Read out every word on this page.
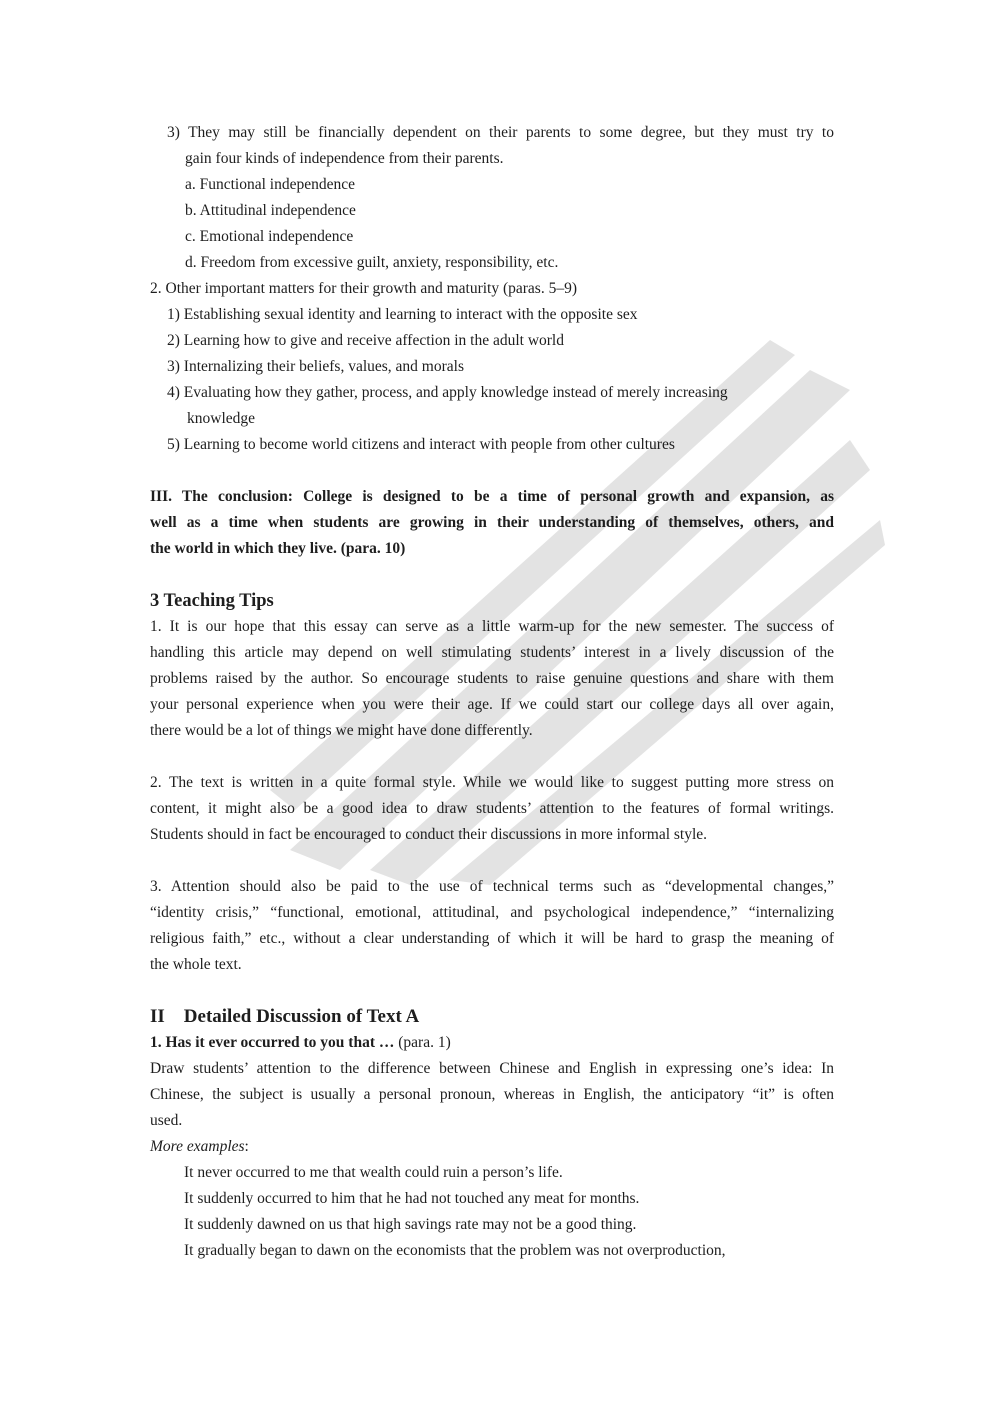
3) They may still be financially dependent on their parents to some degree, but they must try to
gain four kinds of independence from their parents.
a. Functional independence
b. Attitudinal independence
c. Emotional independence
d. Freedom from excessive guilt, anxiety, responsibility, etc.
2. Other important matters for their growth and maturity (paras. 5–9)
1) Establishing sexual identity and learning to interact with the opposite sex
2) Learning how to give and receive affection in the adult world
3) Internalizing their beliefs, values, and morals
4) Evaluating how they gather, process, and apply knowledge instead of merely increasing
knowledge
5) Learning to become world citizens and interact with people from other cultures
III. The conclusion: College is designed to be a time of personal growth and expansion, as
well as a time when students are growing in their understanding of themselves, others, and
the world in which they live. (para. 10)
3 Teaching Tips
1. It is our hope that this essay can serve as a little warm-up for the new semester. The success of
handling this article may depend on well stimulating students’ interest in a lively discussion of the
problems raised by the author. So encourage students to raise genuine questions and share with them
your personal experience when you were their age. If we could start our college days all over again,
there would be a lot of things we might have done differently.
2. The text is written in a quite formal style. While we would like to suggest putting more stress on
content, it might also be a good idea to draw students’ attention to the features of formal writings.
Students should in fact be encouraged to conduct their discussions in more informal style.
3. Attention should also be paid to the use of technical terms such as “developmental changes,”
“identity crisis,” “functional, emotional, attitudinal, and psychological independence,” “internalizing
religious faith,” etc., without a clear understanding of which it will be hard to grasp the meaning of
the whole text.
II    Detailed Discussion of Text A
1. Has it ever occurred to you that … (para. 1)
Draw students’ attention to the difference between Chinese and English in expressing one’s idea: In
Chinese, the subject is usually a personal pronoun, whereas in English, the anticipatory “it” is often
used.
More examples:
It never occurred to me that wealth could ruin a person’s life.
It suddenly occurred to him that he had not touched any meat for months.
It suddenly dawned on us that high savings rate may not be a good thing.
It gradually began to dawn on the economists that the problem was not overproduction,
